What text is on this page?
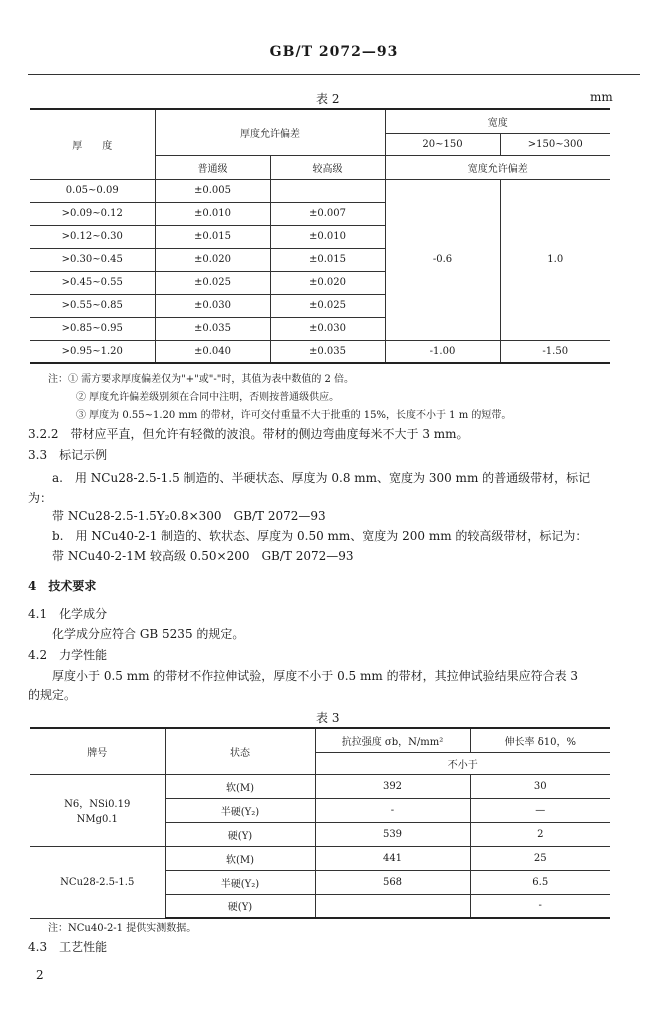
GB/T 2072—93
表 2	mm
厚　　度	厚度允许偏差		宽度	
			20~150	>150~300
	普通级	较高级	宽度允许偏差	
0.05~0.09	±0.005		-0.6	1.0
>0.09~0.12	±0.010	±0.007		
>0.12~0.30	±0.015	±0.010		
>0.30~0.45	±0.020	±0.015		
>0.45~0.55	±0.025	±0.020		
>0.55~0.85	±0.030	±0.025		
>0.85~0.95	±0.035	±0.030		
>0.95~1.20	±0.040	±0.035	-1.00	-1.50
注：① 需方要求厚度偏差仅为"+"或"-"时，其值为表中数值的 2 倍。
② 厚度允许偏差级别须在合同中注明，否则按普通级供应。
③ 厚度为 0.55~1.20 mm 的带材，许可交付重量不大于批重的 15%，长度不小于 1 m 的短带。
3.2.2　带材应平直，但允许有轻微的波浪。带材的侧边弯曲度每米不大于 3 mm。
3.3　标记示例
a.　用 NCu28-2.5-1.5 制造的、半硬状态、厚度为 0.8 mm、宽度为 300 mm 的普通级带材，标记
为：
带 NCu28-2.5-1.5Y₂0.8×300　GB/T 2072—93
b.　用 NCu40-2-1 制造的、软状态、厚度为 0.50 mm、宽度为 200 mm 的较高级带材，标记为：
带 NCu40-2-1M 较高级 0.50×200　GB/T 2072—93
4　技术要求
4.1　化学成分
化学成分应符合 GB 5235 的规定。
4.2　力学性能
厚度小于 0.5 mm 的带材不作拉伸试验，厚度不小于 0.5 mm 的带材，其拉伸试验结果应符合表 3
的规定。
表 3
牌号	状态	抗拉强度 σb，N/mm²	伸长率 δ10，%
		不小于	

N6，NSi0.19
NMg0.1	软(M)	392	30
	半硬(Y₂)	-	—
	硬(Y)	539	2
NCu28-2.5-1.5	软(M)	441	25
	半硬(Y₂)	568	6.5
	硬(Y)		-
注：NCu40-2-1 提供实测数据。
4.3　工艺性能
2
